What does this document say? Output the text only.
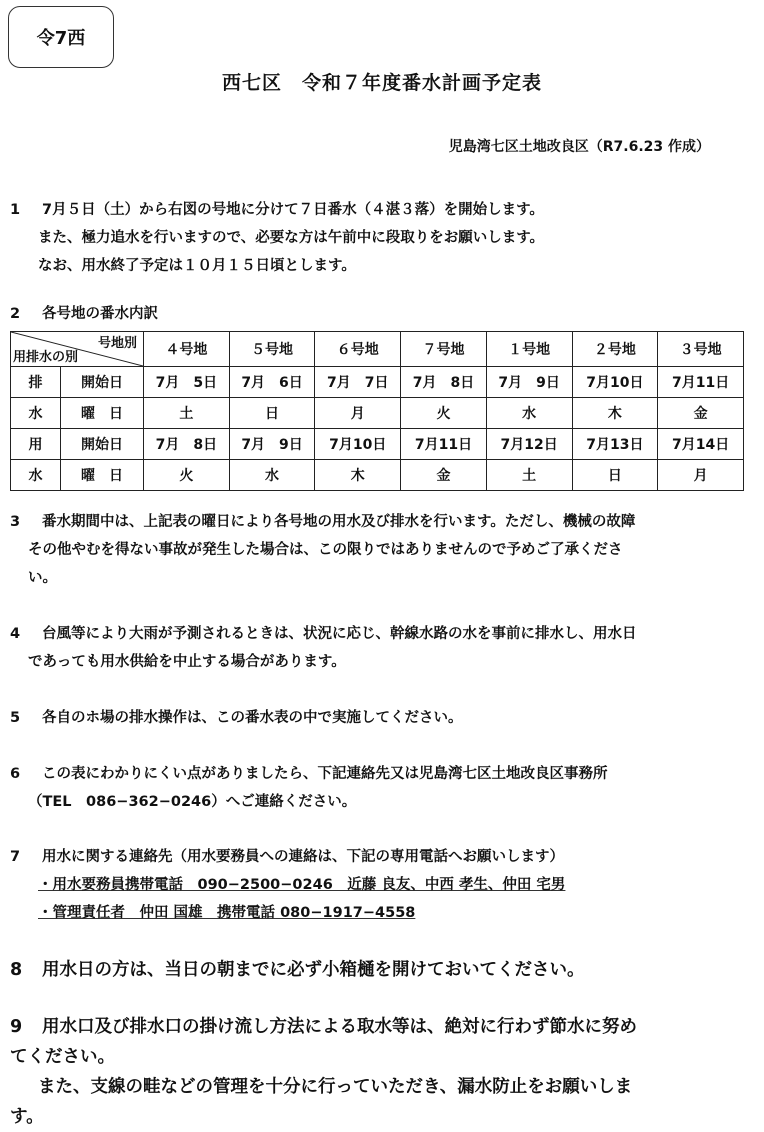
令7西
西七区　令和７年度番水計画予定表
児島湾七区土地改良区（R7.6.23 作成）

1 7月５日（土）から右図の号地に分けて７日番水（４湛３落）を開始します。

また、極力追水を行いますので、必要な方は午前中に段取りをお願いします。

なお、用水終了予定は１０月１５日頃とします。

2 各号地の番水内訳

号地別
用排水の別		４号地	５号地	６号地	７号地	１号地	２号地	３号地
排	開始日	7月　5日	7月　6日	7月　7日	7月　8日	7月　9日	7月10日	7月11日
水	曜　日	土	日	月	火	水	木	金
用	開始日	7月　8日	7月　9日	7月10日	7月11日	7月12日	7月13日	7月14日
水	曜　日	火	水	木	金	土	日	月

3 番水期間中は、上記表の曜日により各号地の用水及び排水を行います。ただし、機械の故障

その他やむを得ない事故が発生した場合は、この限りではありませんので予めご了承くださ

い。

4 台風等により大雨が予測されるときは、状況に応じ、幹線水路の水を事前に排水し、用水日

であっても用水供給を中止する場合があります。

5 各自のホ場の排水操作は、この番水表の中で実施してください。

6 この表にわかりにくい点がありましたら、下記連絡先又は児島湾七区土地改良区事務所

（TEL　086−362−0246）へご連絡ください。

7 用水に関する連絡先（用水要務員への連絡は、下記の専用電話へお願いします）

・用水要務員携帯電話　090−2500−0246　近藤 良友、中西 孝生、仲田 宅男

・管理責任者　仲田 国雄　携帯電話 080−1917−4558

8 用水日の方は、当日の朝までに必ず小箱樋を開けておいてください。

9 用水口及び排水口の掛け流し方法による取水等は、絶対に行わず節水に努め

てください。

また、支線の畦などの管理を十分に行っていただき、漏水防止をお願いしま

す。
